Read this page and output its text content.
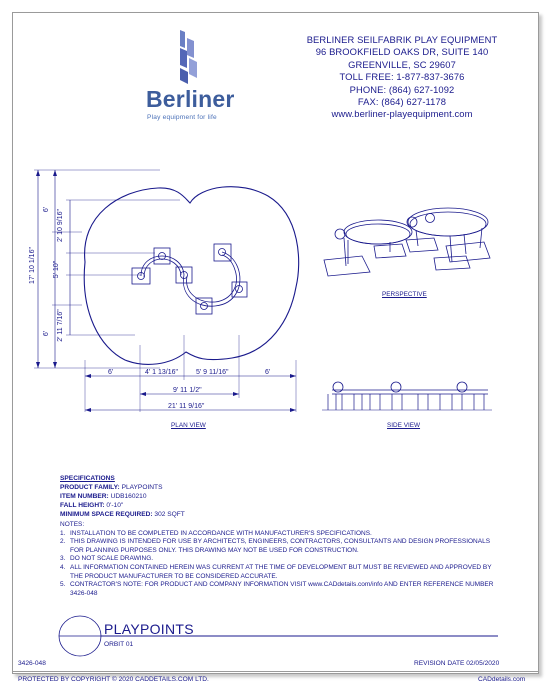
Berliner
Play equipment for life
BERLINER SEILFABRIK PLAY EQUIPMENT
96 BROOKFIELD OAKS DR, SUITE 140
GREENVILLE, SC 29607
TOLL FREE: 1-877-837-3676
PHONE: (864) 627-1092
FAX: (864) 627-1178
www.berliner-playequipment.com
17' 10 1/16"
6'
5' 10"
6'
2' 10 9/16"
2' 11 7/16"
6'	4' 1 13/16"	5' 9 11/16"	6'
9' 11 1/2"
21' 11 9/16"
PLAN VIEW
PERSPECTIVE
SIDE VIEW
SPECIFICATIONS
PRODUCT FAMILY: PLAYPOINTS
ITEM NUMBER: UDB160210
FALL HEIGHT: 0'-10"
MINIMUM SPACE REQUIRED: 302 SQFT
NOTES:
1. INSTALLATION TO BE COMPLETED IN ACCORDANCE WITH MANUFACTURER'S SPECIFICATIONS.
2. THIS DRAWING IS INTENDED FOR USE BY ARCHITECTS, ENGINEERS, CONTRACTORS, CONSULTANTS AND DESIGN PROFESSIONALS FOR PLANNING PURPOSES ONLY. THIS DRAWING MAY NOT BE USED FOR CONSTRUCTION.
3. DO NOT SCALE DRAWING.
4. ALL INFORMATION CONTAINED HEREIN WAS CURRENT AT THE TIME OF DEVELOPMENT BUT MUST BE REVIEWED AND APPROVED BY THE PRODUCT MANUFACTURER TO BE CONSIDERED ACCURATE.
5. CONTRACTOR'S NOTE: FOR PRODUCT AND COMPANY INFORMATION VISIT www.CADdetails.com/info AND ENTER REFERENCE NUMBER 3426-048
PLAYPOINTS
ORBIT 01
3426-048	REVISION DATE 02/05/2020
PROTECTED BY COPYRIGHT © 2020 CADDETAILS.COM LTD.	CADdetails.com
